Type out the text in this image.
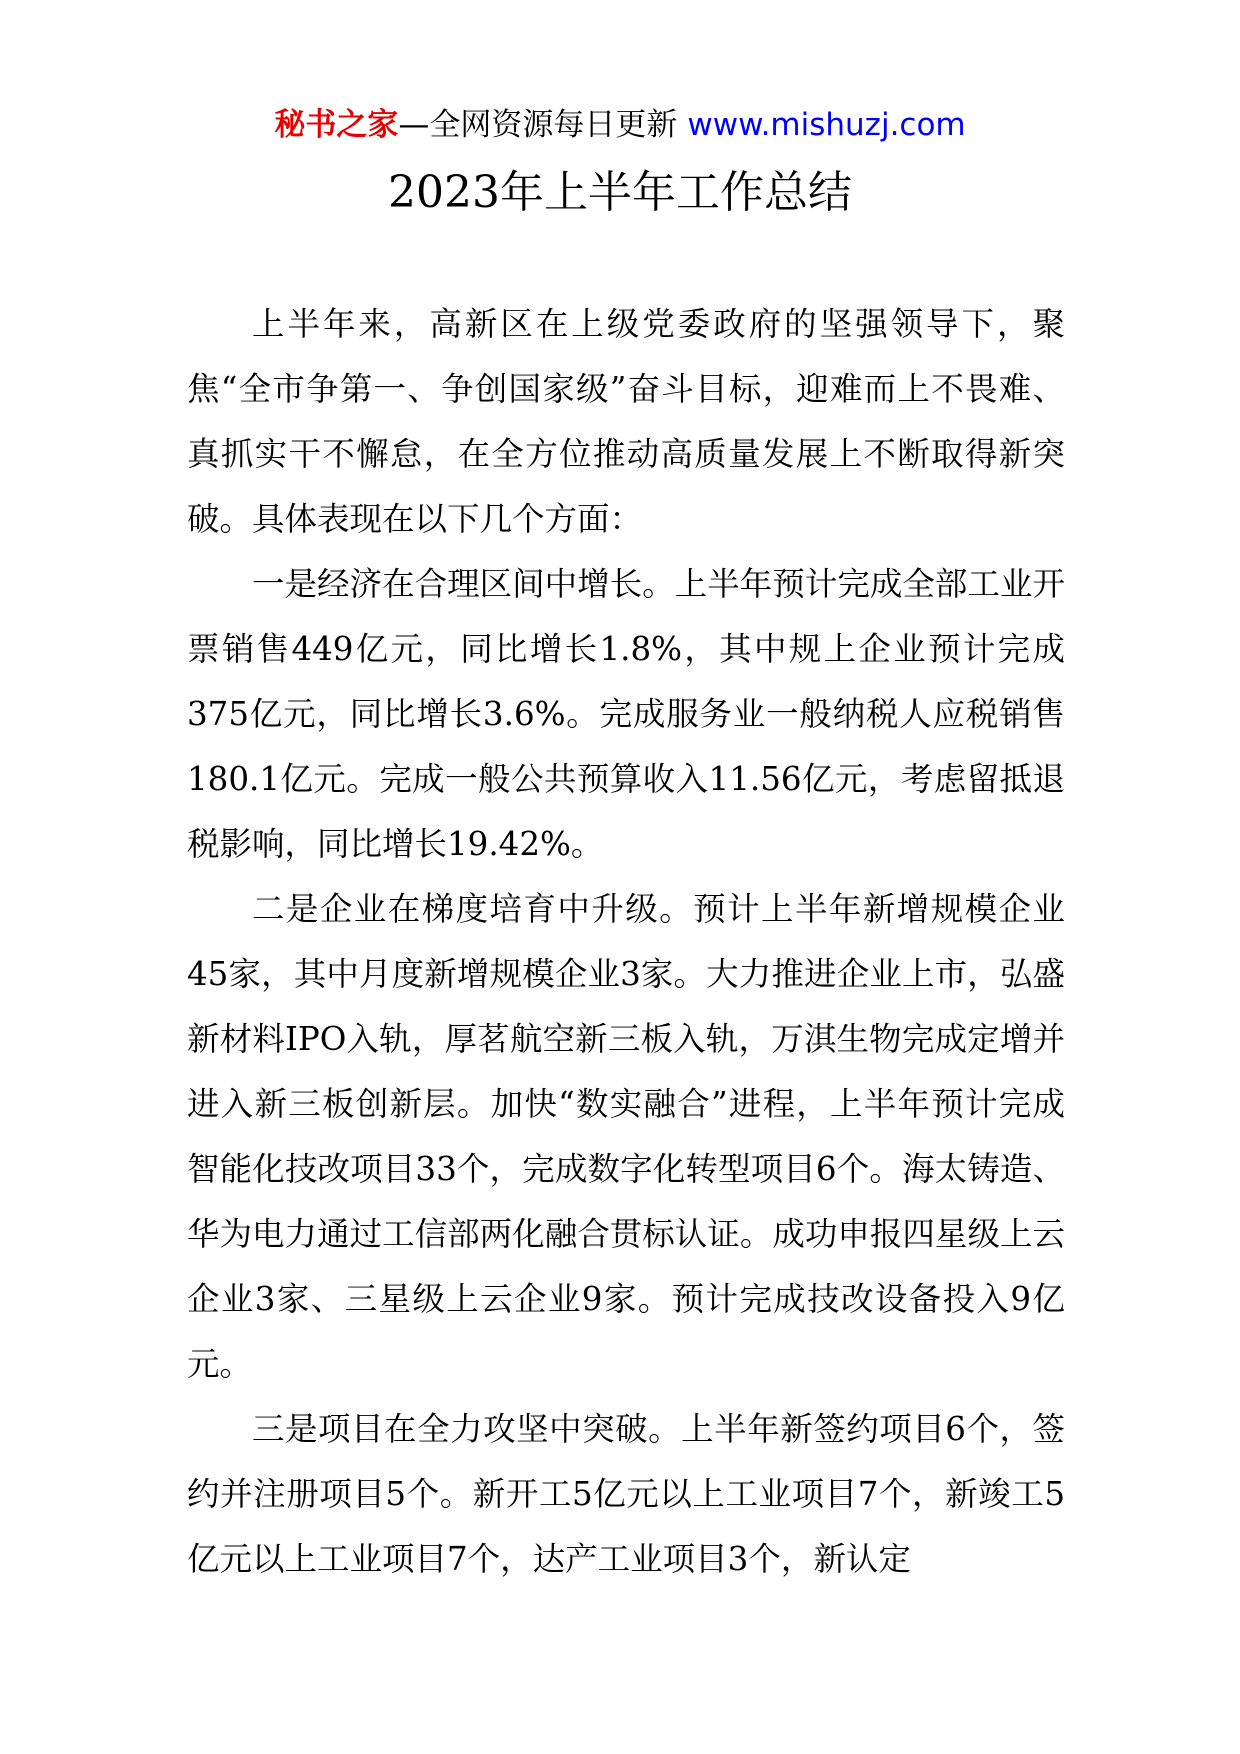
秘书之家—全网资源每日更新 www.mishuzj.com
2023年上半年工作总结

上半年来，高新区在上级党委政府的坚强领导下，聚焦“全市争第一、争创国家级”奋斗目标，迎难而上不畏难、真抓实干不懈怠，在全方位推动高质量发展上不断取得新突破。具体表现在以下几个方面：

一是经济在合理区间中增长。上半年预计完成全部工业开票销售449亿元，同比增长1.8%，其中规上企业预计完成375亿元，同比增长3.6%。完成服务业一般纳税人应税销售180.1亿元。完成一般公共预算收入11.56亿元，考虑留抵退税影响，同比增长19.42%。

二是企业在梯度培育中升级。预计上半年新增规模企业45家，其中月度新增规模企业3家。大力推进企业上市，弘盛新材料IPO入轨，厚茗航空新三板入轨，万淇生物完成定增并进入新三板创新层。加快“数实融合”进程，上半年预计完成智能化技改项目33个，完成数字化转型项目6个。海太铸造、华为电力通过工信部两化融合贯标认证。成功申报四星级上云企业3家、三星级上云企业9家。预计完成技改设备投入9亿元。

三是项目在全力攻坚中突破。上半年新签约项目6个，签约并注册项目5个。新开工5亿元以上工业项目7个，新竣工5亿元以上工业项目7个，达产工业项目3个，新认定
